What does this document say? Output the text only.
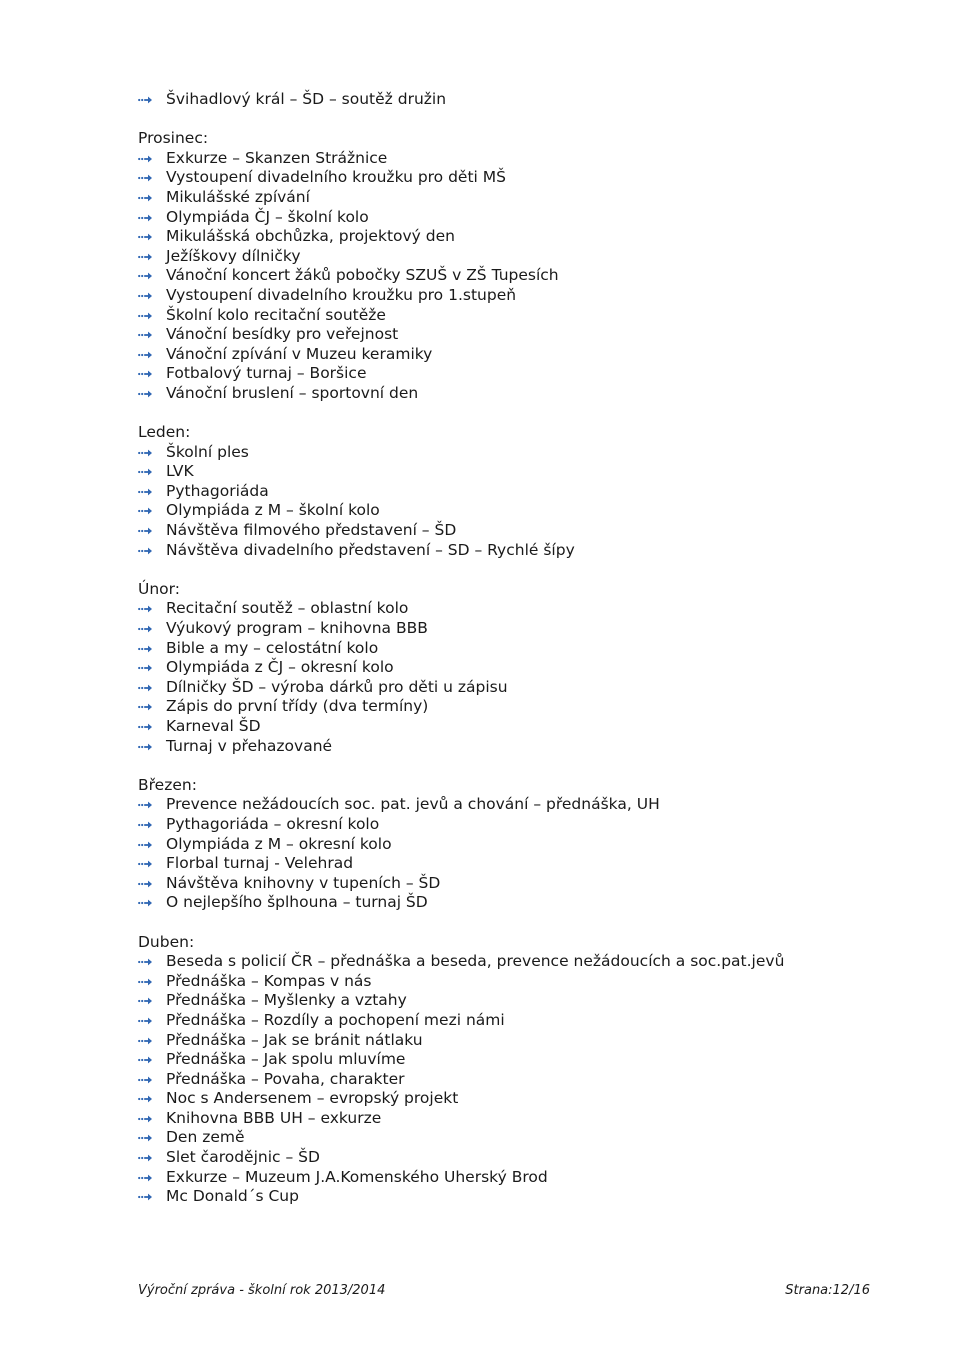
Švihadlový král – ŠD – soutěž družin
Prosinec:
Exkurze – Skanzen Strážnice
Vystoupení divadelního kroužku pro děti MŠ
Mikulášské zpívání
Olympiáda ČJ – školní kolo
Mikulášská obchůzka, projektový den
Ježíškovy dílničky
Vánoční koncert žáků pobočky SZUŠ v ZŠ Tupesích
Vystoupení divadelního kroužku pro 1.stupeň
Školní kolo recitační soutěže
Vánoční besídky pro veřejnost
Vánoční zpívání v Muzeu keramiky
Fotbalový turnaj – Boršice
Vánoční bruslení – sportovní den
Leden:
Školní ples
LVK
Pythagoriáda
Olympiáda z M – školní kolo
Návštěva filmového představení – ŠD
Návštěva divadelního představení – SD – Rychlé šípy
Únor:
Recitační soutěž – oblastní kolo
Výukový program – knihovna BBB
Bible a my – celostátní kolo
Olympiáda z ČJ – okresní kolo
Dílničky ŠD – výroba dárků pro děti u zápisu
Zápis do první třídy (dva termíny)
Karneval ŠD
Turnaj v přehazované
Březen:
Prevence nežádoucích soc. pat. jevů a chování – přednáška, UH
Pythagoriáda – okresní kolo
Olympiáda z M – okresní kolo
Florbal turnaj - Velehrad
Návštěva knihovny v tupeních – ŠD
O nejlepšího šplhouna – turnaj ŠD
Duben:
Beseda s policií ČR – přednáška a beseda, prevence nežádoucích a soc.pat.jevů
Přednáška – Kompas v nás
Přednáška – Myšlenky a vztahy
Přednáška – Rozdíly a pochopení mezi námi
Přednáška – Jak se bránit nátlaku
Přednáška – Jak spolu mluvíme
Přednáška – Povaha, charakter
Noc s Andersenem – evropský projekt
Knihovna BBB UH – exkurze
Den země
Slet čarodějnic – ŠD
Exkurze – Muzeum J.A.Komenského Uherský Brod
Mc Donald´s Cup
Výroční zpráva - školní rok 2013/2014	Strana:12/16
